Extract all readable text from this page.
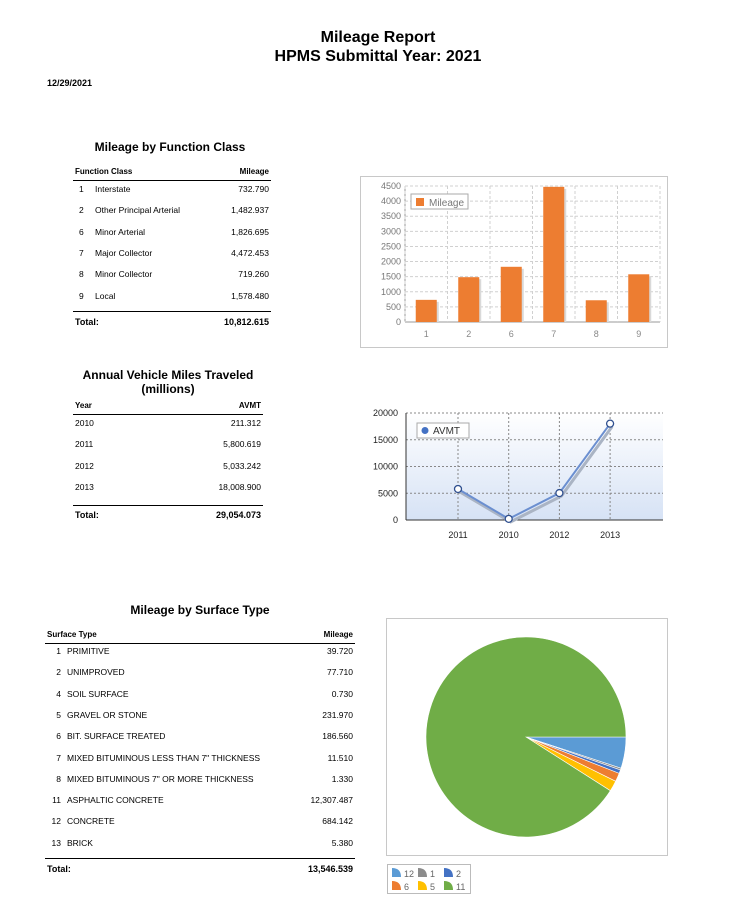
Mileage Report
HPMS Submittal Year: 2021
12/29/2021
Mileage by Function Class
Function Class	Mileage
1 Interstate	732.790
2 Other Principal Arterial	1,482.937
6 Minor Arterial	1,826.695
7 Major Collector	4,472.453
8 Minor Collector	719.260
9 Local	1,578.480
Total:	10,812.615	0
500
1000
1500
2000
2500
3000
3500
4000
4500
1	2	6	7	8	9
Mileage
Annual Vehicle Miles Traveled
(millions)
Year	AVMT
2010	211.312
2011	5,800.619
2012	5,033.242
2013	18,008.900
Total:	29,054.073	0
5000
10000
15000
20000
2011	2010	2012	2013
AVMT
Mileage by Surface Type
Surface Type	Mileage
1 PRIMITIVE	39.720
2 UNIMPROVED	77.710
4 SOIL SURFACE	0.730
5 GRAVEL OR STONE	231.970
6 BIT. SURFACE TREATED	186.560
7 MIXED BITUMINOUS LESS THAN 7" THICKNESS	11.510
8 MIXED BITUMINOUS 7" OR MORE THICKNESS	1.330
11 ASPHALTIC CONCRETE	12,307.487
12 CONCRETE	684.142
13 BRICK	5.380
Total:	13,546.539	12 1 2
6 5 11
